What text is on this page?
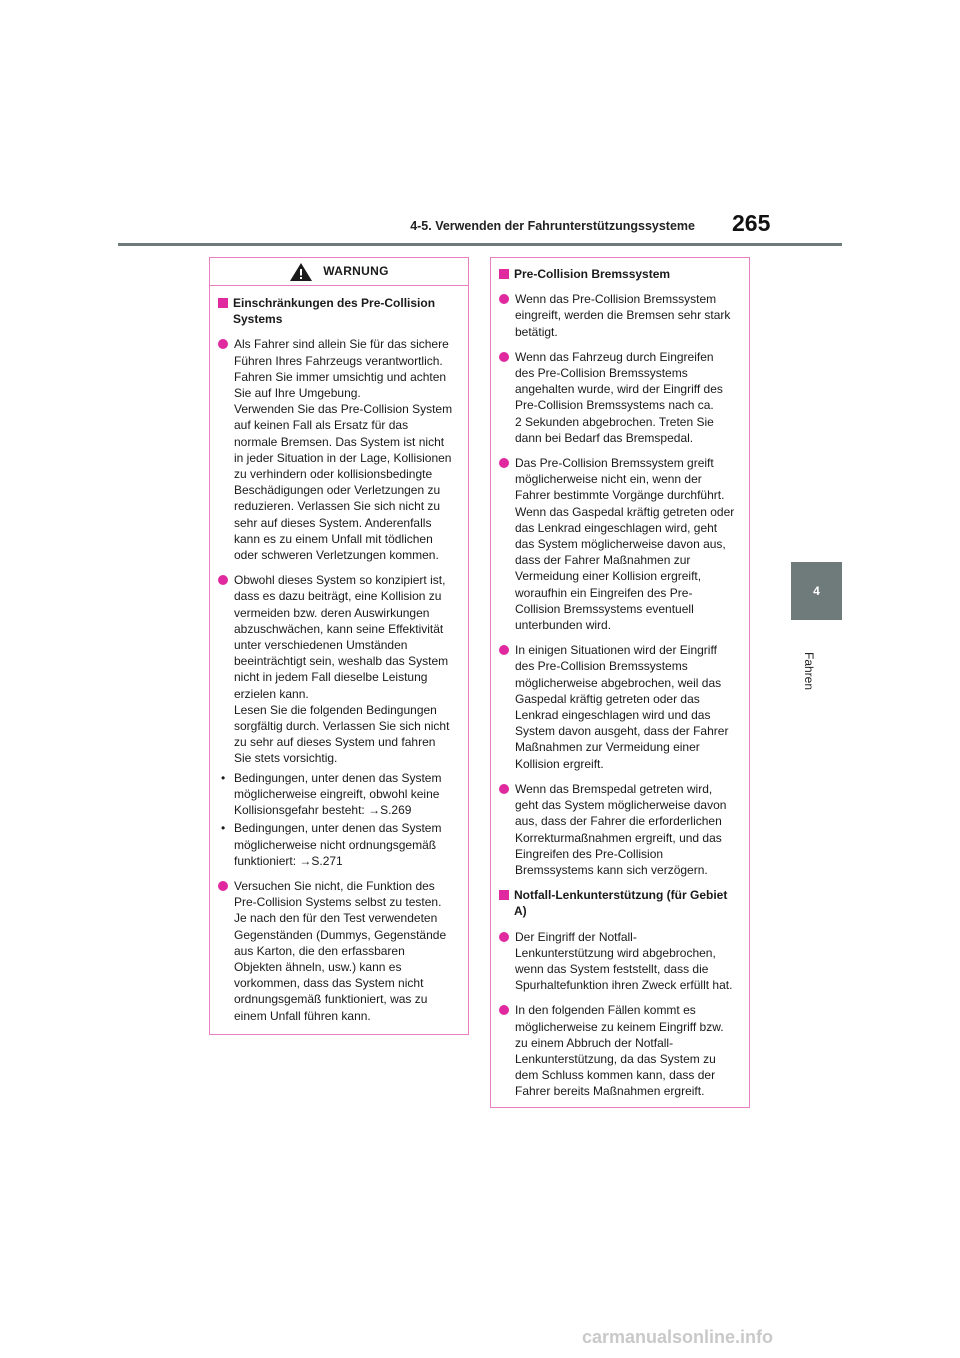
4-5. Verwenden der Fahrunterstützungssysteme 265
4
Fahren
WARNUNG
Einschränkungen des Pre-Collision Systems
Als Fahrer sind allein Sie für das sichere Führen Ihres Fahrzeugs verantwortlich. Fahren Sie immer umsichtig und achten Sie auf Ihre Umgebung.
Verwenden Sie das Pre-Collision System auf keinen Fall als Ersatz für das normale Bremsen. Das System ist nicht in jeder Situation in der Lage, Kollisionen zu verhindern oder kollisionsbedingte Beschädigungen oder Verletzungen zu reduzieren. Verlassen Sie sich nicht zu sehr auf dieses System. Anderenfalls kann es zu einem Unfall mit tödlichen oder schweren Verletzungen kommen.
Obwohl dieses System so konzipiert ist, dass es dazu beiträgt, eine Kollision zu vermeiden bzw. deren Auswirkungen abzuschwächen, kann seine Effektivität unter verschiedenen Umständen beeinträchtigt sein, weshalb das System nicht in jedem Fall dieselbe Leistung erzielen kann.
Lesen Sie die folgenden Bedingungen sorgfältig durch. Verlassen Sie sich nicht zu sehr auf dieses System und fahren Sie stets vorsichtig.
• Bedingungen, unter denen das System möglicherweise eingreift, obwohl keine Kollisionsgefahr besteht: →S.269
• Bedingungen, unter denen das System möglicherweise nicht ordnungsgemäß funktioniert: →S.271
Versuchen Sie nicht, die Funktion des Pre-Collision Systems selbst zu testen. Je nach den für den Test verwendeten Gegenständen (Dummys, Gegenstände aus Karton, die den erfassbaren Objekten ähneln, usw.) kann es vorkommen, dass das System nicht ordnungsgemäß funktioniert, was zu einem Unfall führen kann.
Pre-Collision Bremssystem
Wenn das Pre-Collision Bremssystem eingreift, werden die Bremsen sehr stark betätigt.
Wenn das Fahrzeug durch Eingreifen des Pre-Collision Bremssystems angehalten wurde, wird der Eingriff des Pre-Collision Bremssystems nach ca.
2 Sekunden abgebrochen. Treten Sie dann bei Bedarf das Bremspedal.
Das Pre-Collision Bremssystem greift möglicherweise nicht ein, wenn der Fahrer bestimmte Vorgänge durchführt. Wenn das Gaspedal kräftig getreten oder das Lenkrad eingeschlagen wird, geht das System möglicherweise davon aus, dass der Fahrer Maßnahmen zur Vermeidung einer Kollision ergreift, woraufhin ein Eingreifen des Pre-Collision Bremssystems eventuell unterbunden wird.
In einigen Situationen wird der Eingriff des Pre-Collision Bremssystems möglicherweise abgebrochen, weil das Gaspedal kräftig getreten oder das Lenkrad eingeschlagen wird und das System davon ausgeht, dass der Fahrer Maßnahmen zur Vermeidung einer Kollision ergreift.
Wenn das Bremspedal getreten wird, geht das System möglicherweise davon aus, dass der Fahrer die erforderlichen Korrekturmaßnahmen ergreift, und das Eingreifen des Pre-Collision Bremssystems kann sich verzögern.
Notfall-Lenkunterstützung (für Gebiet A)
Der Eingriff der Notfall-Lenkunterstützung wird abgebrochen, wenn das System feststellt, dass die Spurhaltefunktion ihren Zweck erfüllt hat.
In den folgenden Fällen kommt es möglicherweise zu keinem Eingriff bzw. zu einem Abbruch der Notfall-Lenkunterstützung, da das System zu dem Schluss kommen kann, dass der Fahrer bereits Maßnahmen ergreift.
carmanualsonline.info
